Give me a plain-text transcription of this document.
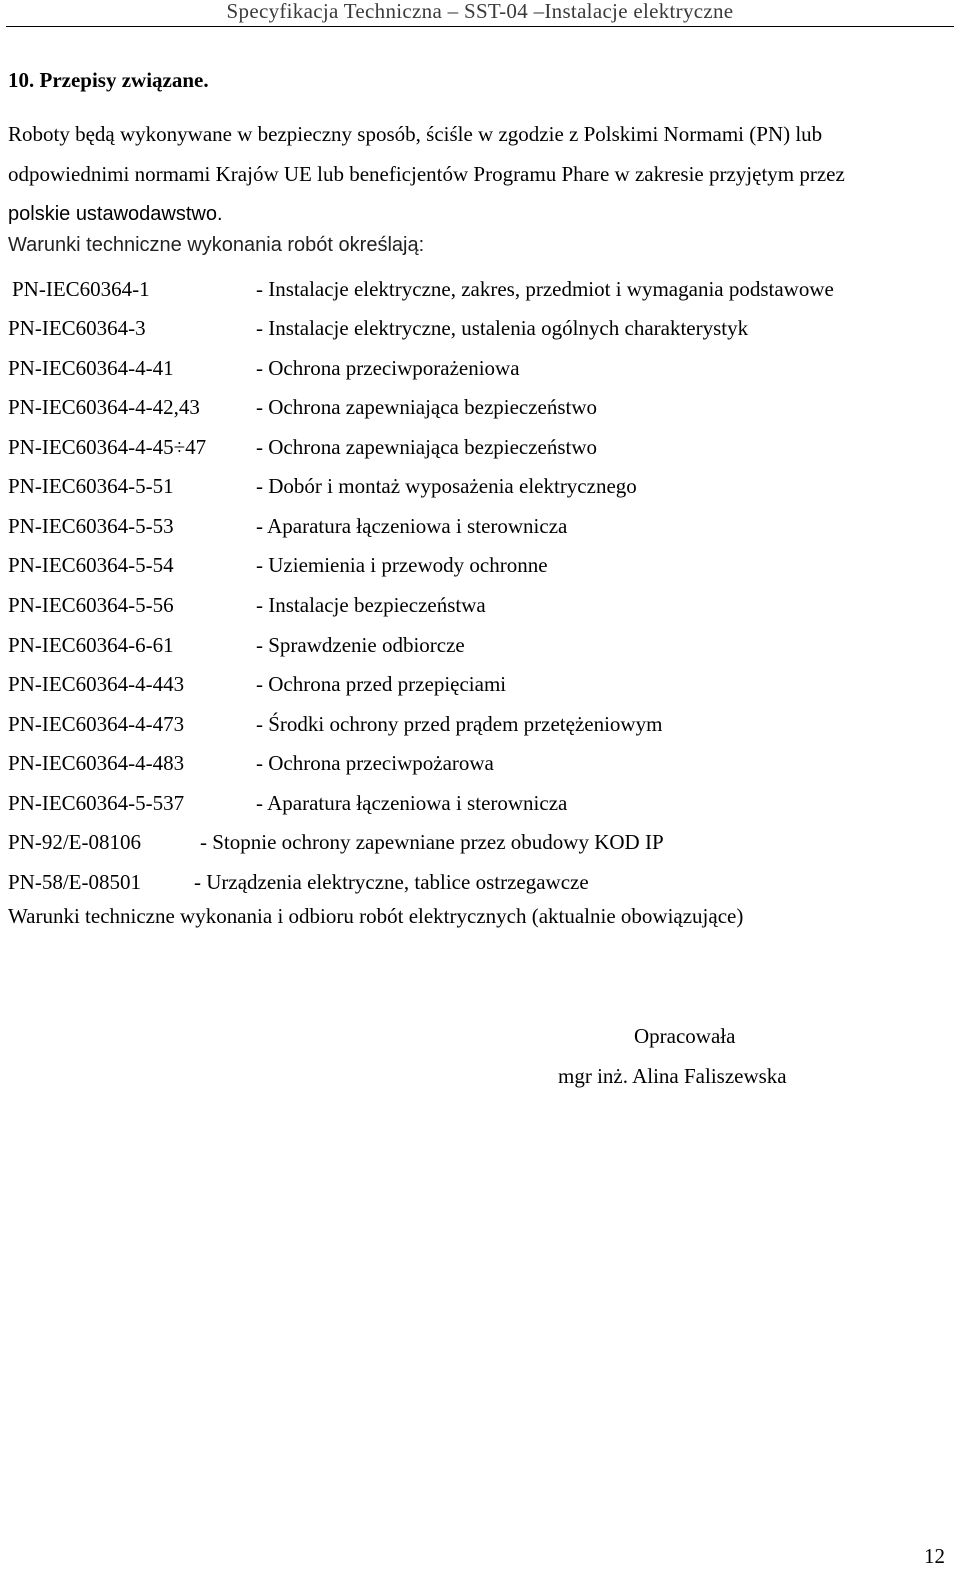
Specyfikacja Techniczna – SST-04 –Instalacje elektryczne
10. Przepisy związane.
Roboty będą wykonywane w bezpieczny sposób, ściśle w zgodzie z Polskimi Normami (PN) lub
odpowiednimi normami Krajów UE lub beneficjentów Programu Phare w zakresie przyjętym przez
polskie ustawodawstwo.
Warunki techniczne wykonania robót określają:
PN-IEC60364-1	- Instalacje elektryczne, zakres, przedmiot i wymagania podstawowe
PN-IEC60364-3	- Instalacje elektryczne, ustalenia ogólnych charakterystyk
PN-IEC60364-4-41	- Ochrona przeciwporażeniowa
PN-IEC60364-4-42,43	- Ochrona zapewniająca bezpieczeństwo
PN-IEC60364-4-45÷47 - Ochrona zapewniająca bezpieczeństwo
PN-IEC60364-5-51	- Dobór i montaż wyposażenia elektrycznego
PN-IEC60364-5-53	- Aparatura łączeniowa i sterownicza
PN-IEC60364-5-54	- Uziemienia i przewody ochronne
PN-IEC60364-5-56	- Instalacje bezpieczeństwa
PN-IEC60364-6-61	- Sprawdzenie odbiorcze
PN-IEC60364-4-443	- Ochrona przed przepięciami
PN-IEC60364-4-473	- Środki ochrony przed prądem przetężeniowym
PN-IEC60364-4-483	- Ochrona przeciwpożarowa
PN-IEC60364-5-537	- Aparatura łączeniowa i sterownicza
PN-92/E-08106	- Stopnie ochrony zapewniane przez obudowy KOD IP
PN-58/E-08501	- Urządzenia elektryczne, tablice ostrzegawcze
Warunki techniczne wykonania i odbioru robót elektrycznych (aktualnie obowiązujące)
Opracowała
mgr inż. Alina Faliszewska
12
